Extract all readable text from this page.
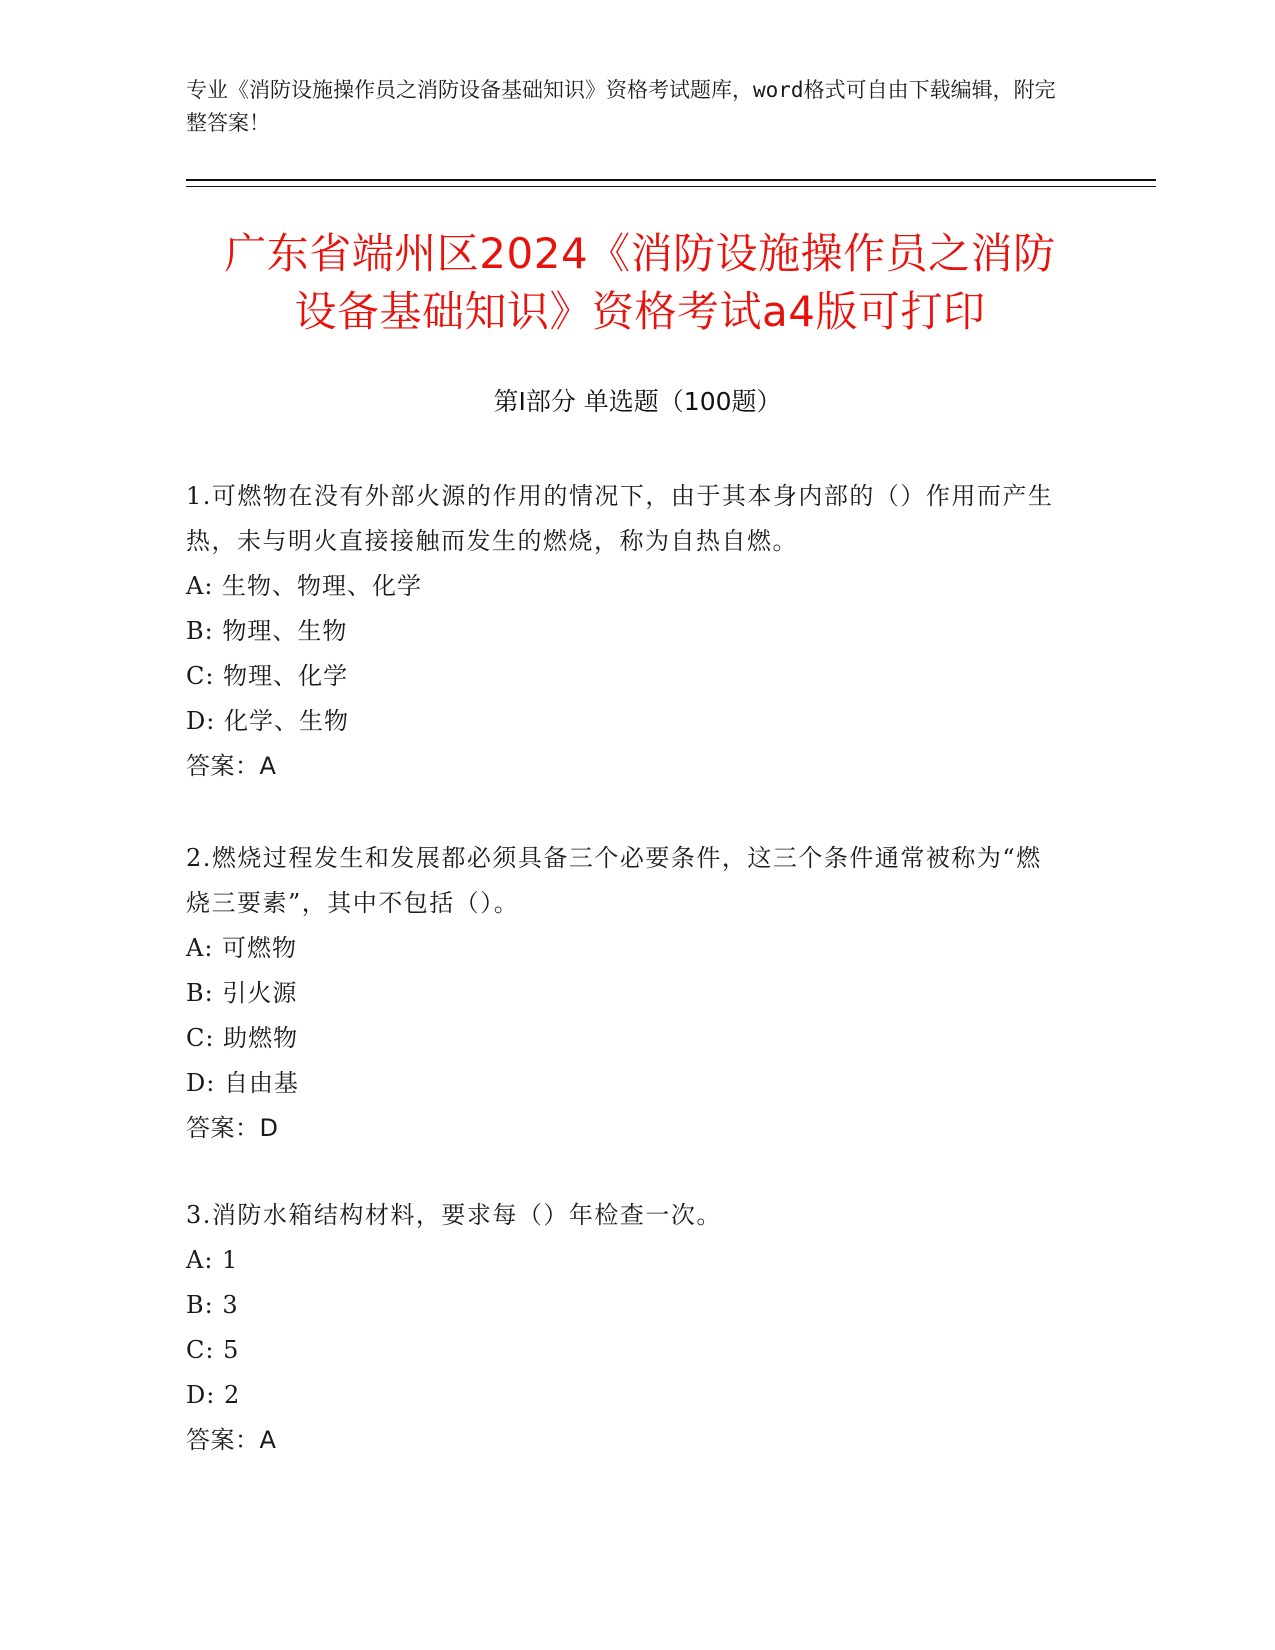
专业《消防设施操作员之消防设备基础知识》资格考试题库，word格式可自由下载编辑，附完整答案！
广东省端州区2024《消防设施操作员之消防
设备基础知识》资格考试a4版可打印
第Ⅰ部分 单选题（100题）
1.可燃物在没有外部火源的作用的情况下，由于其本身内部的（）作用而产生热，未与明火直接接触而发生的燃烧，称为自热自燃。
A: 生物、物理、化学
B: 物理、生物
C: 物理、化学
D: 化学、生物
答案：A
2.燃烧过程发生和发展都必须具备三个必要条件，这三个条件通常被称为“燃烧三要素”，其中不包括（）。
A: 可燃物
B: 引火源
C: 助燃物
D: 自由基
答案：D
3.消防水箱结构材料，要求每（）年检查一次。
A: 1
B: 3
C: 5
D: 2
答案：A
